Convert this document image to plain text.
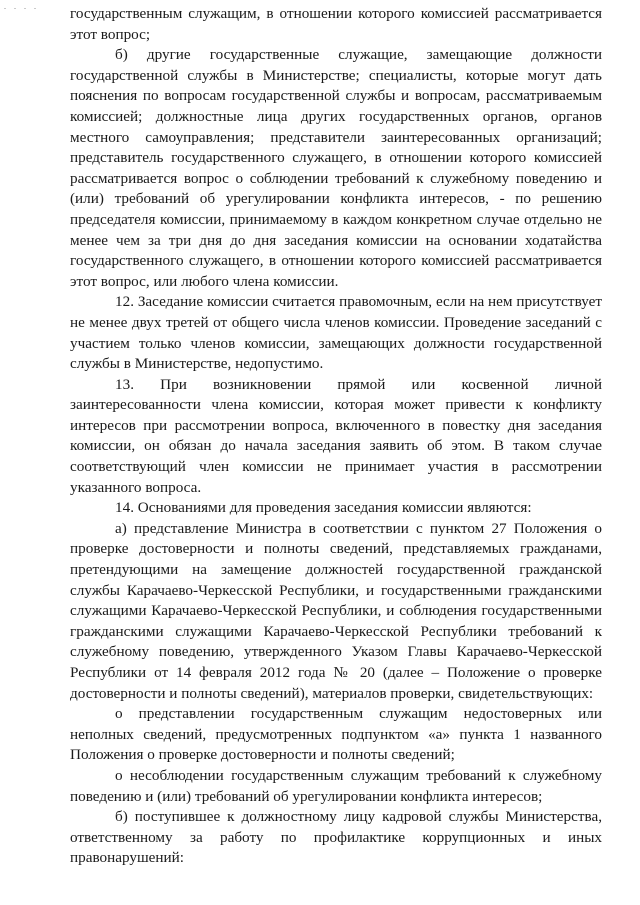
. . . . государственным служащим, в отношении которого комиссией рассматривается этот вопрос;

б) другие государственные служащие, замещающие должности государственной службы в Министерстве; специалисты, которые могут дать пояснения по вопросам государственной службы и вопросам, рассматриваемым комиссией; должностные лица других государственных органов, органов местного самоуправления; представители заинтересованных организаций; представитель государственного служащего, в отношении которого комиссией рассматривается вопрос о соблюдении требований к служебному поведению и (или) требований об урегулировании конфликта интересов, - по решению председателя комиссии, принимаемому в каждом конкретном случае отдельно не менее чем за три дня до дня заседания комиссии на основании ходатайства государственного служащего, в отношении которого комиссией рассматривается этот вопрос, или любого члена комиссии.

12. Заседание комиссии считается правомочным, если на нем присутствует не менее двух третей от общего числа членов комиссии. Проведение заседаний с участием только членов комиссии, замещающих должности государственной службы в Министерстве, недопустимо.

13. При возникновении прямой или косвенной личной заинтересованности члена комиссии, которая может привести к конфликту интересов при рассмотрении вопроса, включенного в повестку дня заседания комиссии, он обязан до начала заседания заявить об этом. В таком случае соответствующий член комиссии не принимает участия в рассмотрении указанного вопроса.

14. Основаниями для проведения заседания комиссии являются:

а) представление Министра в соответствии с пунктом 27 Положения о проверке достоверности и полноты сведений, представляемых гражданами, претендующими на замещение должностей государственной гражданской службы Карачаево-Черкесской Республики, и государственными гражданскими служащими Карачаево-Черкесской Республики, и соблюдения государственными гражданскими служащими Карачаево-Черкесской Республики требований к служебному поведению, утвержденного Указом Главы Карачаево-Черкесской Республики от 14 февраля 2012 года № 20 (далее – Положение о проверке достоверности и полноты сведений), материалов проверки, свидетельствующих:

о представлении государственным служащим недостоверных или неполных сведений, предусмотренных подпунктом «а» пункта 1 названного Положения о проверке достоверности и полноты сведений;

о несоблюдении государственным служащим требований к служебному поведению и (или) требований об урегулировании конфликта интересов;

б) поступившее к должностному лицу кадровой службы Министерства, ответственному за работу по профилактике коррупционных и иных правонарушений:
